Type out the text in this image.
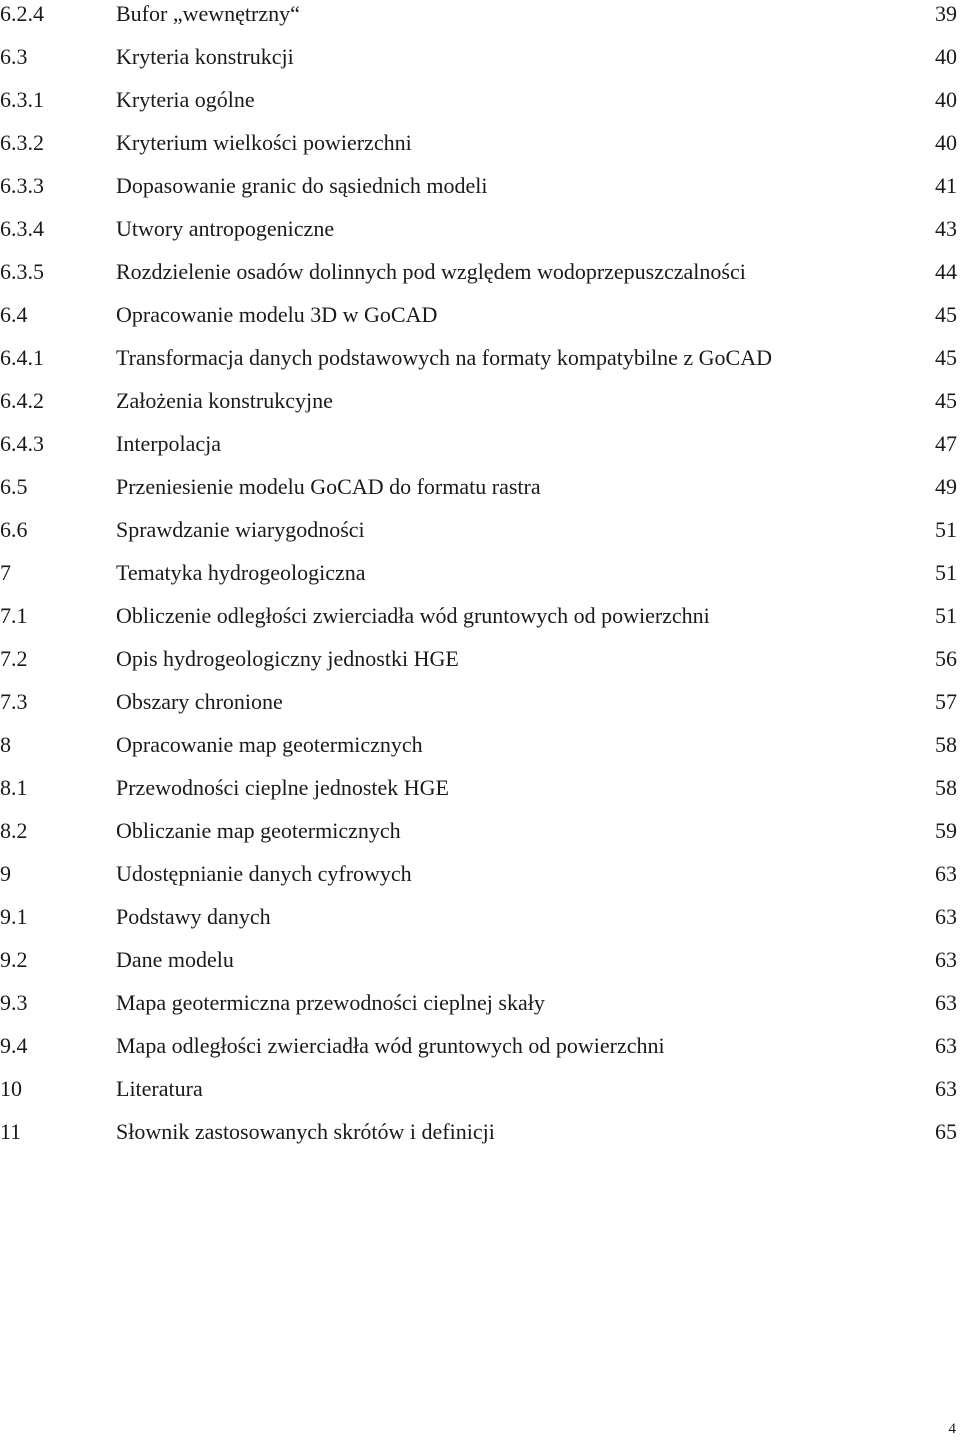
6.2.4	Bufor „wewnętrzny“	39
6.3	Kryteria konstrukcji	40
6.3.1	Kryteria ogólne	40
6.3.2	Kryterium wielkości powierzchni	40
6.3.3	Dopasowanie granic do sąsiednich modeli	41
6.3.4	Utwory antropogeniczne	43
6.3.5	Rozdzielenie osadów dolinnych pod względem wodoprzepuszczalności	44
6.4	Opracowanie modelu 3D w GoCAD	45
6.4.1	Transformacja danych podstawowych na formaty kompatybilne z GoCAD	45
6.4.2	Założenia konstrukcyjne	45
6.4.3	Interpolacja	47
6.5	Przeniesienie modelu GoCAD do formatu rastra	49
6.6	Sprawdzanie wiarygodności	51
7	Tematyka hydrogeologiczna	51
7.1	Obliczenie odległości zwierciadła wód gruntowych od powierzchni	51
7.2	Opis hydrogeologiczny jednostki HGE	56
7.3	Obszary chronione	57
8	Opracowanie map geotermicznych	58
8.1	Przewodności cieplne jednostek HGE	58
8.2	Obliczanie map geotermicznych	59
9	Udostępnianie danych cyfrowych	63
9.1	Podstawy danych	63
9.2	Dane modelu	63
9.3	Mapa geotermiczna przewodności cieplnej skały	63
9.4	Mapa odległości zwierciadła wód gruntowych od powierzchni	63
10	Literatura	63
11	Słownik zastosowanych skrótów i definicji	65
4
